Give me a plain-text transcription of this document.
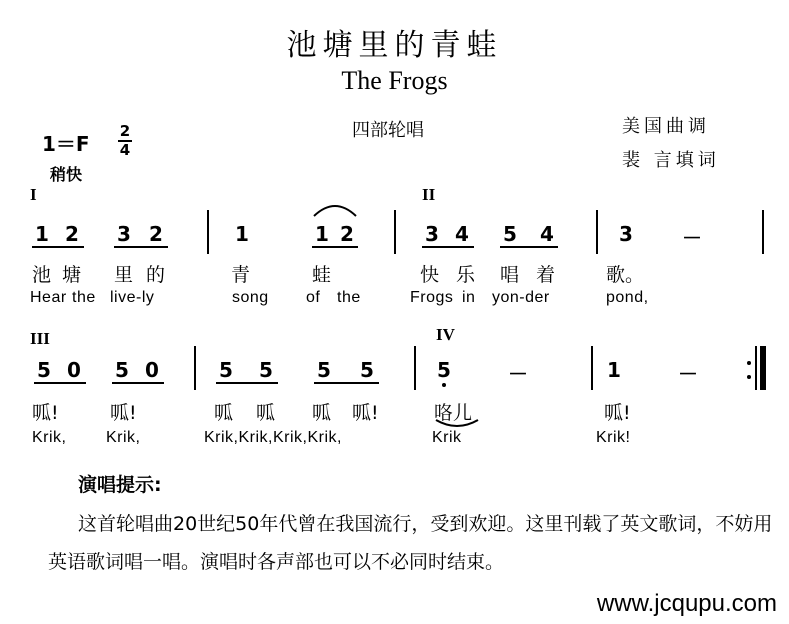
池塘里的青蛙
The Frogs
四部轮唱	美国曲调
裴 言填词
1＝F
2
4
稍快
I	II
1 2 3 2	1	1 2	3 4 5 4	3 －
池 塘 里 的	青	蛙	快 乐 唱 着	歌。
Hear the live-ly	song of the	Frogs in yon-der	pond,
III	IV
5 0 5 0	5 5 5 5	5	－	1	－
呱!	呱!	呱 呱 呱 呱!	咯儿	呱!
Krik, Krik,	Krik,Krik,Krik,Krik,	Krik	Krik!
演唱提示:
这首轮唱曲20世纪50年代曾在我国流行，受到欢迎。这里刊载了英文歌词，不妨用英语歌词唱一唱。演唱时各声部也可以不必同时结束。
www.jcqupu.com
